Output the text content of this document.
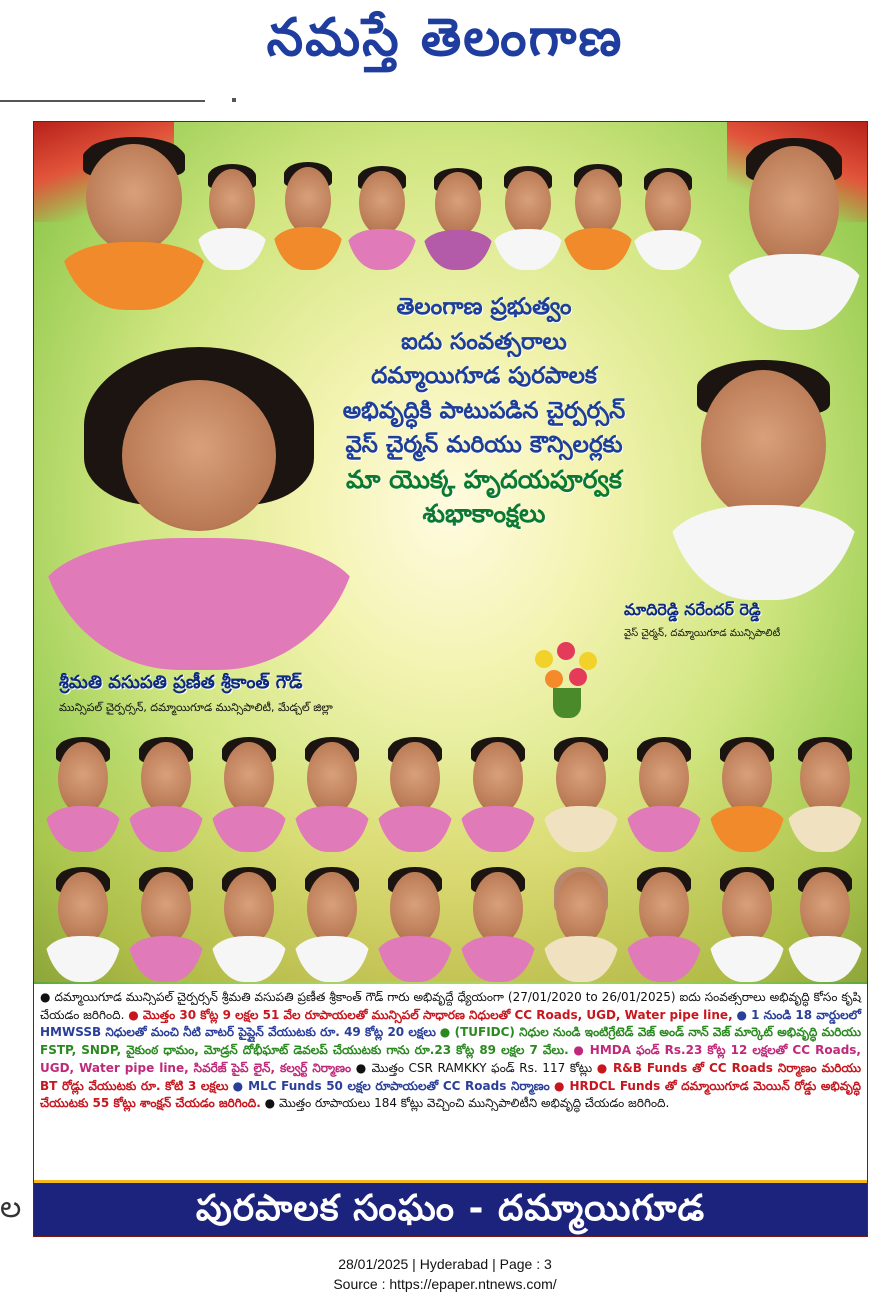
నమస్తే తెలంగాణ
ల
తెలంగాణ ప్రభుత్వం
ఐదు సంవత్సరాలు
దమ్మాయిగూడ పురపాలక
అభివృద్ధికి పాటుపడిన చైర్పర్సన్
వైస్ చైర్మన్ మరియు కౌన్సిలర్లకు
మా యొక్క హృదయపూర్వక
శుభాకాంక్షలు
మాదిరెడ్డి నరేందర్ రెడ్డి
వైస్ చైర్మన్, దమ్మాయిగూడ మున్సిపాలిటీ
శ్రీమతి వసుపతి ప్రణీత శ్రీకాంత్ గౌడ్
మున్సిపల్ చైర్పర్సన్, దమ్మాయిగూడ మున్సిపాలిటీ, మేడ్చల్ జిల్లా

● దమ్మాయిగూడ మున్సిపల్ చైర్పర్సన్ శ్రీమతి వసుపతి ప్రణీత శ్రీకాంత్ గౌడ్ గారు అభివృద్దే ధ్యేయంగా (27/01/2020 to 26/01/2025) ఐదు సంవత్సరాలు అభివృద్ధి కోసం కృషి చేయడం జరిగింది. ● మొత్తం 30 కోట్ల 9 లక్షల 51 వేల రూపాయలతో మున్సిపల్ సాధారణ నిధులతో CC Roads, UGD, Water pipe line, ● 1 నుండి 18 వార్డులలో HMWSSB నిధులతో మంచి నీటి వాటర్ పైప్లైన్ వేయుటకు రూ. 49 కోట్ల 20 లక్షలు ● (TUFIDC) నిధుల నుండి ఇంటిగ్రేటెడ్ వెజ్ అండ్ నాన్ వెజ్ మార్కెట్ అభివృద్ధి మరియు FSTP, SNDP, వైకుంఠ ధామం, మోడ్రన్ దోభీఘాట్ డెవలప్ చేయుటకు గాను రూ.23 కోట్ల 89 లక్షల 7 వేలు. ● HMDA ఫండ్ Rs.23 కోట్ల 12 లక్షలతో CC Roads, UGD, Water pipe line, సివరేజ్ పైప్ లైన్, కల్వర్ట్ నిర్మాణం ● మొత్తం CSR RAMKKY ఫండ్ Rs. 117 కోట్లు ● R&B Funds తో CC Roads నిర్మాణం మరియు BT రోడ్లు వేయుటకు రూ. కోటి 3 లక్షలు ● MLC Funds 50 లక్షల రూపాయలతో CC Roads నిర్మాణం ● HRDCL Funds తో దమ్మాయిగూడ మెయిన్ రోడ్డు అభివృద్ధి చేయుటకు 55 కోట్లు శాంక్షన్ చేయడం జరిగింది. ● మొత్తం రూపాయలు 184 కోట్లు వెచ్చించి మున్సిపాలిటీని అభివృద్ధి చేయడం జరిగింది.

పురపాలక సంఘం - దమ్మాయిగూడ
28/01/2025 | Hyderabad | Page : 3
Source : https://epaper.ntnews.com/
